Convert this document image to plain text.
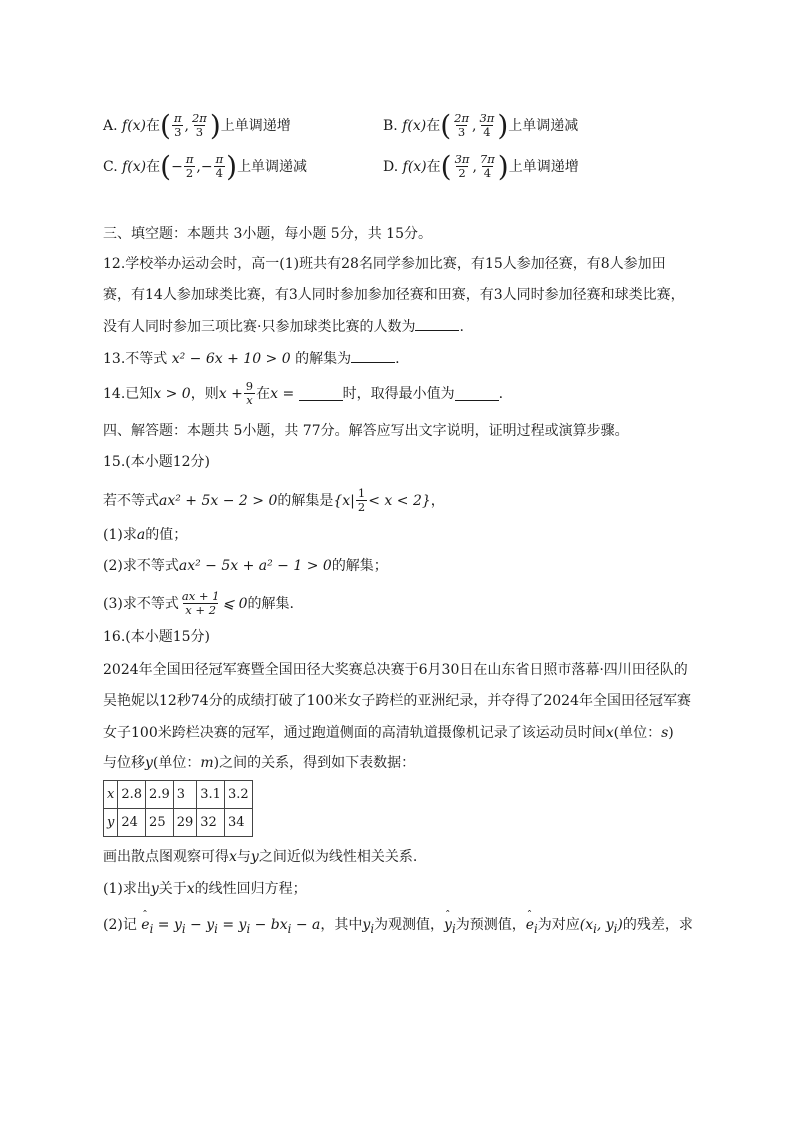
A.
f(x) 在 ( $\frac{\pi}{3}$ , $\frac{2\pi}{3}$ ) 上单调递增	B.
f(x) 在 ( $\frac{2\pi}{3}$ , $\frac{3\pi}{4}$ ) 上单调递减
C.
f(x) 在 ( − $\frac{\pi}{2}$ ,− $\frac{\pi}{4}$ ) 上单调递减	D.
f(x) 在 ( $\frac{3\pi}{2}$ , $\frac{7\pi}{4}$ ) 上单调递增
三、填空题：本题共 3小题，每小题 5分，共 15分。
12.学校举办运动会时，高一(1)班共有28名同学参加比赛，有15人参加径赛，有8人参加田
赛，有14人参加球类比赛，有3人同时参加参加径赛和田赛，有3人同时参加径赛和球类比赛，
没有人同时参加三项比赛·只参加球类比赛的人数为	.
13.不等式 x² − 6x + 10 > 0 的解集为	.
14.已知 x > 0 ，则 x
+ $\frac{9}{x}$ 在 x =
	时，取得最小值为	.
四、解答题：本题共 5小题，共 77分。解答应写出文字说明，证明过程或演算步骤。
15.(本小题12分)
若不等式 ax² + 5x − 2 > 0 的解集是 $\{x| \frac{1}{2} < x < 2\}$ ，
(1)求a的值；
(2)求不等式ax² − 5x + a² − 1 > 0的解集；
(3)求不等式 $\frac{ax + 1}{x + 2}$ ⩽ 0 的解集.
16.(本小题15分)
2024年全国田径冠军赛暨全国田径大奖赛总决赛于6月30日在山东省日照市落幕·四川田径队的
吴艳妮以12秒74分的成绩打破了100米女子跨栏的亚洲纪录，并夺得了2024年全国田径冠军赛
女子100米跨栏决赛的冠军，通过跑道侧面的高清轨道摄像机记录了该运动员时间x(单位：s)
与位移y(单位：m)之间的关系，得到如下表数据：
x	2.8	2.9	3	3.1	3.2
y	24	25	29	32	34
画出散点图观察可得x与y之间近似为线性相关关系.
(1)求出y关于x的线性回归方程；
(2)记 ˆ $e_i = y_i - y_i = y_i - bx_i - a$，其中$y_i$为观测值，ˆ $y_i$为预测值，ˆ $e_i$为对应($x_i$, $y_i$)的残差，求
